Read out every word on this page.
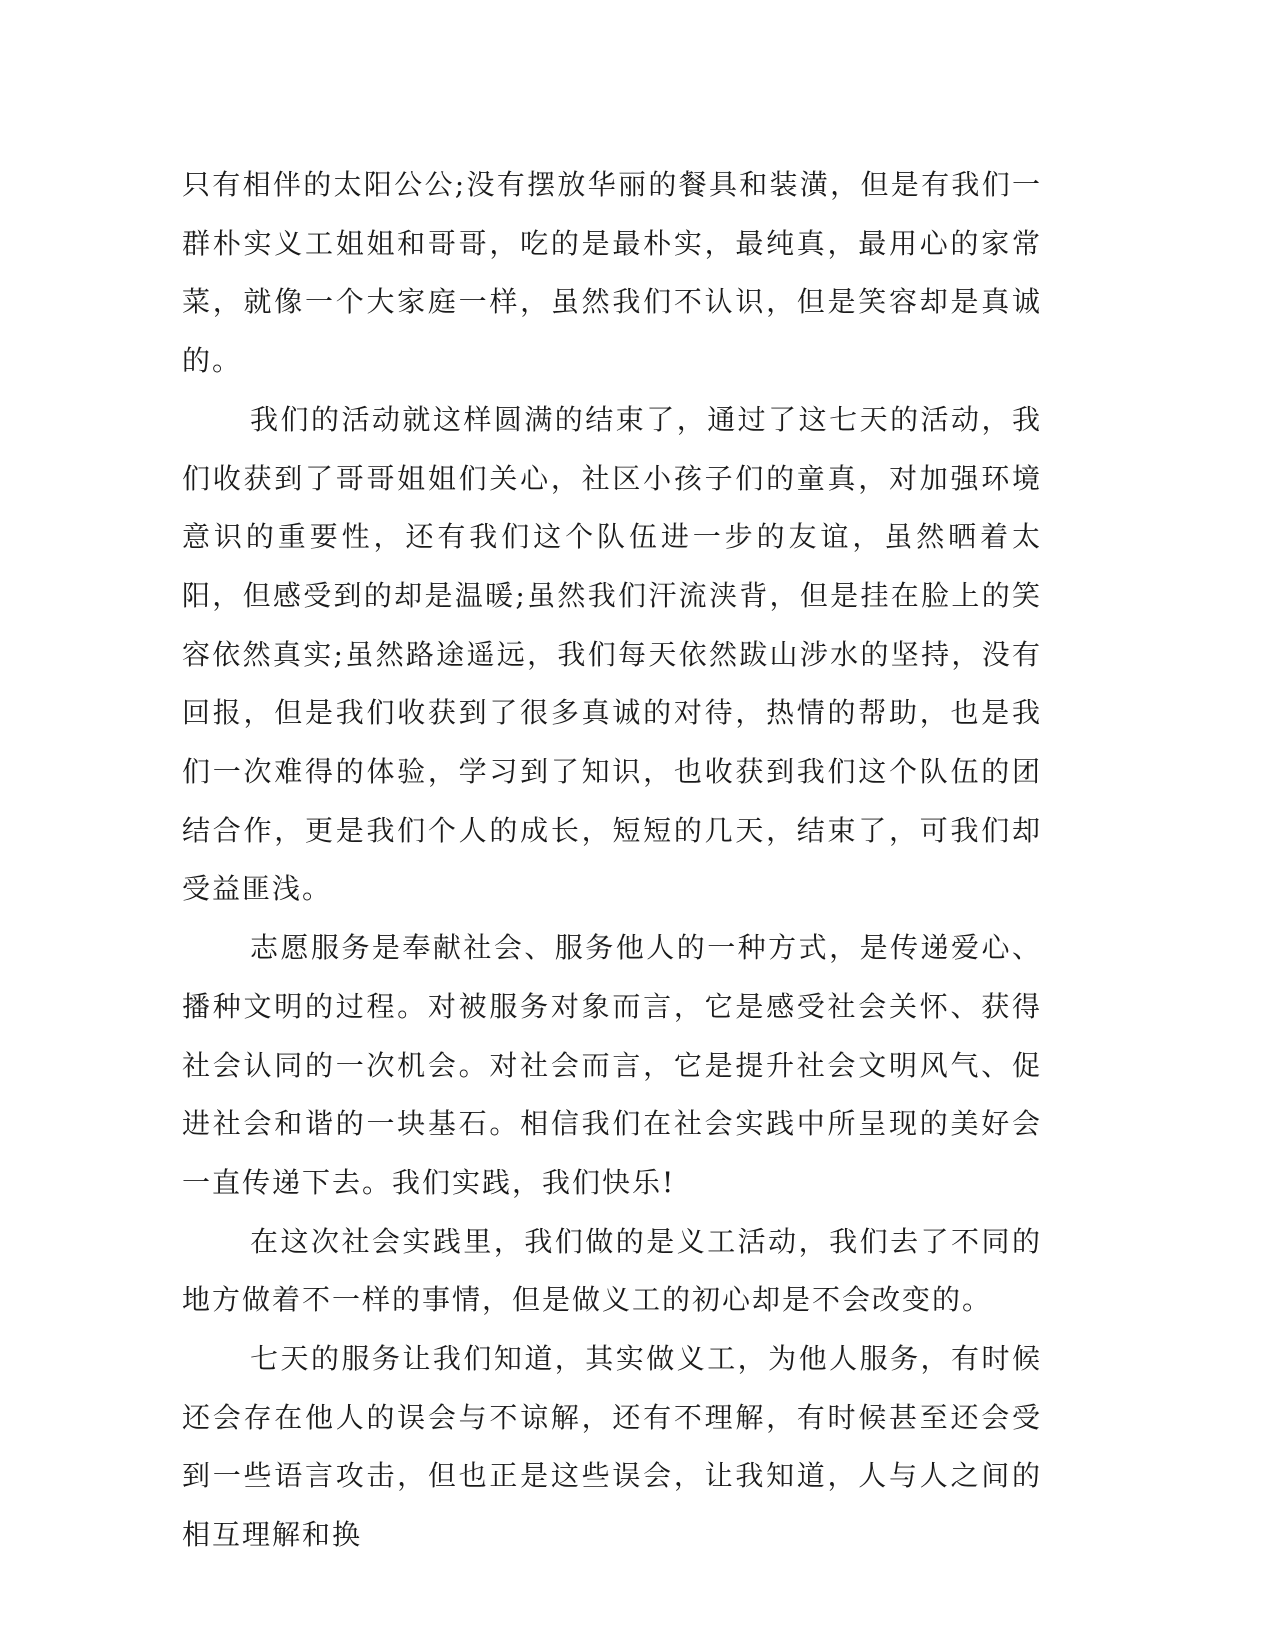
只有相伴的太阳公公;没有摆放华丽的餐具和装潢，但是有我们一群朴实义工姐姐和哥哥，吃的是最朴实，最纯真，最用心的家常菜，就像一个大家庭一样，虽然我们不认识，但是笑容却是真诚的。

我们的活动就这样圆满的结束了，通过了这七天的活动，我们收获到了哥哥姐姐们关心，社区小孩子们的童真，对加强环境意识的重要性，还有我们这个队伍进一步的友谊，虽然晒着太阳，但感受到的却是温暖;虽然我们汗流浃背，但是挂在脸上的笑容依然真实;虽然路途遥远，我们每天依然跋山涉水的坚持，没有回报，但是我们收获到了很多真诚的对待，热情的帮助，也是我们一次难得的体验，学习到了知识，也收获到我们这个队伍的团结合作，更是我们个人的成长，短短的几天，结束了，可我们却受益匪浅。

志愿服务是奉献社会、服务他人的一种方式，是传递爱心、播种文明的过程。对被服务对象而言，它是感受社会关怀、获得社会认同的一次机会。对社会而言，它是提升社会文明风气、促进社会和谐的一块基石。相信我们在社会实践中所呈现的美好会一直传递下去。我们实践，我们快乐!

在这次社会实践里，我们做的是义工活动，我们去了不同的地方做着不一样的事情，但是做义工的初心却是不会改变的。

七天的服务让我们知道，其实做义工，为他人服务，有时候还会存在他人的误会与不谅解，还有不理解，有时候甚至还会受到一些语言攻击，但也正是这些误会，让我知道，人与人之间的相互理解和换
